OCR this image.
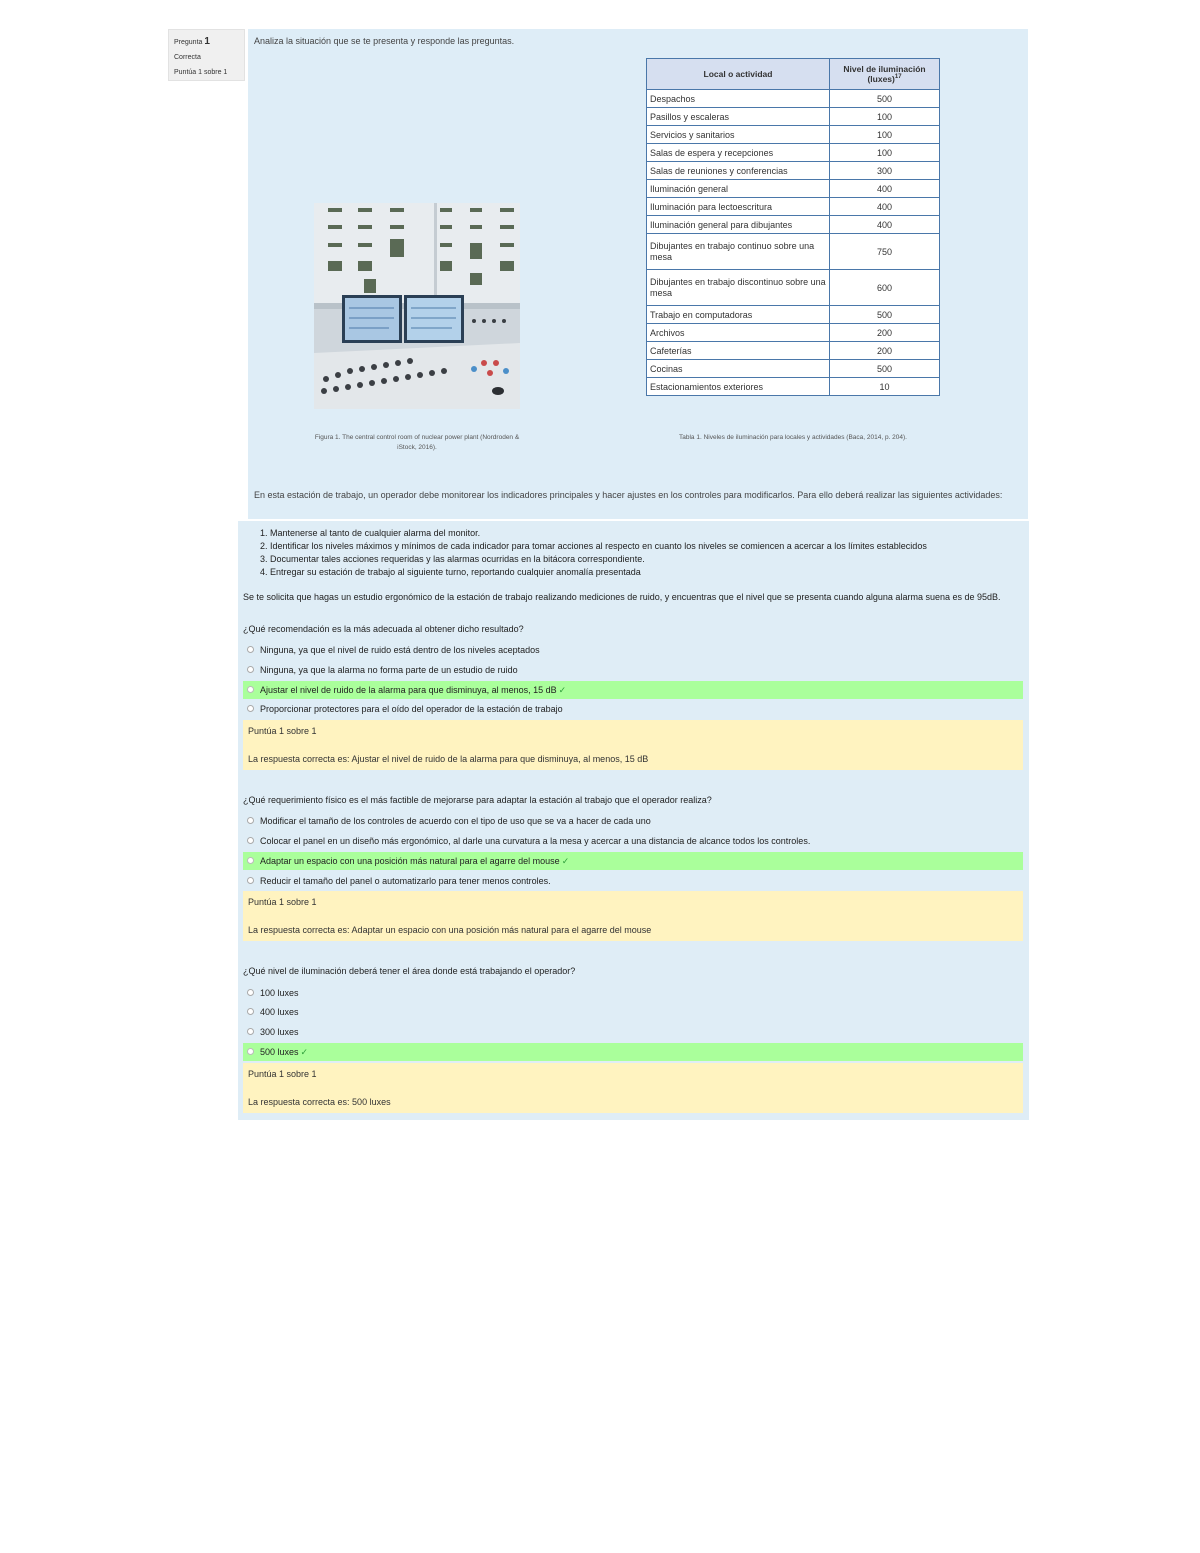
Pregunta 1
Correcta
Puntúa 1 sobre 1
Analiza la situación que se te presenta y responde las preguntas.
Figura 1. The central control room of nuclear power plant (Nordroden & iStock, 2016).
Local o actividad	Nivel de iluminación (luxes)$^{17}$
Despachos	500
Pasillos y escaleras	100
Servicios y sanitarios	100
Salas de espera y recepciones	100
Salas de reuniones y conferencias	300
Iluminación general	400
Iluminación para lectoescritura	400
Iluminación general para dibujantes	400
Dibujantes en trabajo continuo sobre una mesa	750
Dibujantes en trabajo discontinuo sobre una mesa	600
Trabajo en computadoras	500
Archivos	200
Cafeterías	200
Cocinas	500
Estacionamientos exteriores	10
Tabla 1. Niveles de iluminación para locales y actividades (Baca, 2014, p. 204).
En esta estación de trabajo, un operador debe monitorear los indicadores principales y hacer ajustes en los controles para modificarlos. Para ello deberá realizar las siguientes actividades:
1. Mantenerse al tanto de cualquier alarma del monitor.
2. Identificar los niveles máximos y mínimos de cada indicador para tomar acciones al respecto en cuanto los niveles se comiencen a acercar a los límites establecidos
3. Documentar tales acciones requeridas y las alarmas ocurridas en la bitácora correspondiente.
4. Entregar su estación de trabajo al siguiente turno, reportando cualquier anomalía presentada
Se te solicita que hagas un estudio ergonómico de la estación de trabajo realizando mediciones de ruido, y encuentras que el nivel que se presenta cuando alguna alarma suena es de 95dB.
¿Qué recomendación es la más adecuada al obtener dicho resultado?
Ninguna, ya que el nivel de ruido está dentro de los niveles aceptados
Ninguna, ya que la alarma no forma parte de un estudio de ruido
Ajustar el nivel de ruido de la alarma para que disminuya, al menos, 15 dB ✓
Proporcionar protectores para el oído del operador de la estación de trabajo
Puntúa 1 sobre 1
La respuesta correcta es: Ajustar el nivel de ruido de la alarma para que disminuya, al menos, 15 dB
¿Qué requerimiento físico es el más factible de mejorarse para adaptar la estación al trabajo que el operador realiza?
Modificar el tamaño de los controles de acuerdo con el tipo de uso que se va a hacer de cada uno
Colocar el panel en un diseño más ergonómico, al darle una curvatura a la mesa y acercar a una distancia de alcance todos los controles.
Adaptar un espacio con una posición más natural para el agarre del mouse ✓
Reducir el tamaño del panel o automatizarlo para tener menos controles.
Puntúa 1 sobre 1
La respuesta correcta es: Adaptar un espacio con una posición más natural para el agarre del mouse
¿Qué nivel de iluminación deberá tener el área donde está trabajando el operador?
100 luxes
400 luxes
300 luxes
500 luxes ✓
Puntúa 1 sobre 1
La respuesta correcta es: 500 luxes
